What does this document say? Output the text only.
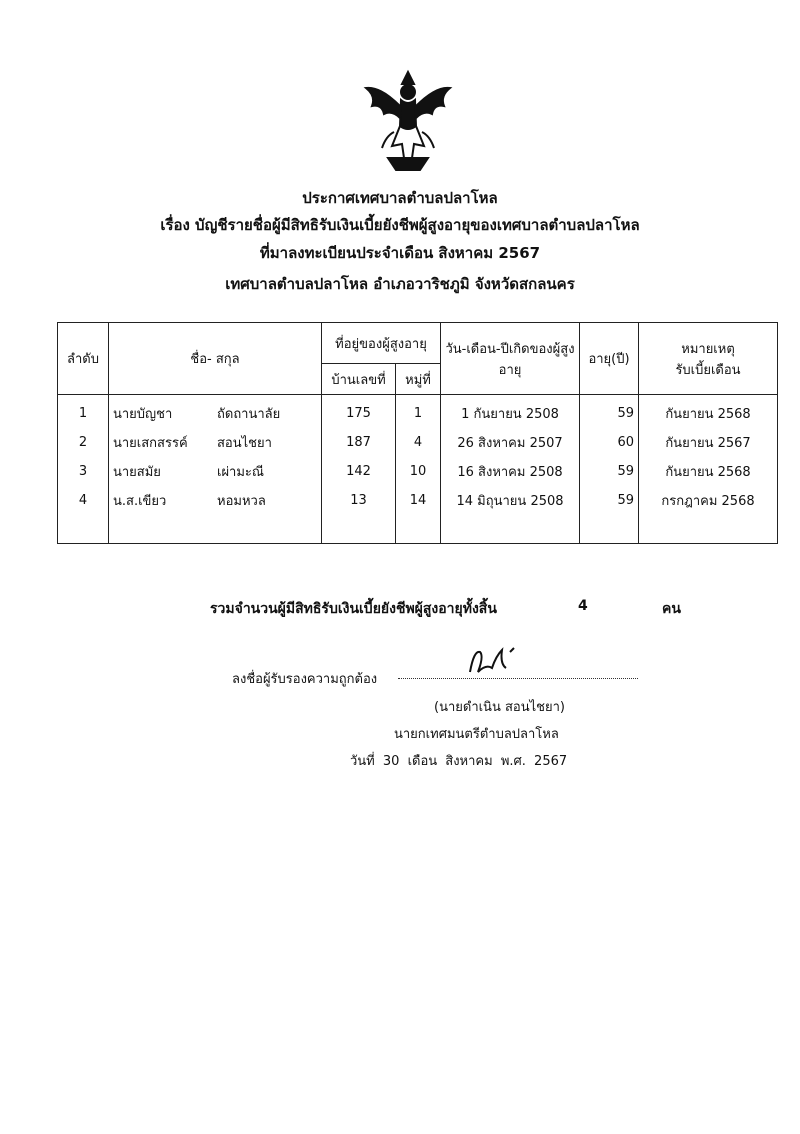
ประกาศเทศบาลตำบลปลาโหล
เรื่อง บัญชีรายชื่อผู้มีสิทธิรับเงินเบี้ยยังชีพผู้สูงอายุของเทศบาลตำบลปลาโหล
ที่มาลงทะเบียนประจำเดือน สิงหาคม 2567
เทศบาลตำบลปลาโหล อำเภอวาริชภูมิ จังหวัดสกลนคร
ลำดับ	ชื่อ- สกุล	ที่อยู่ของผู้สูงอายุ		วัน-เดือน-ปีเกิดของผู้สูงอายุ	อายุ(ปี)	หมายเหตุ
รับเบี้ยเดือน
		บ้านเลขที่	หมู่ที่			
1	นายบัญชา ถัดถานาลัย	175	1	1 กันยายน 2508	59	กันยายน 2568
2	นายเสกสรรค์ สอนไชยา	187	4	26 สิงหาคม 2507	60	กันยายน 2567
3	นายสมัย เผ่ามะณี	142	10	16 สิงหาคม 2508	59	กันยายน 2568
4	น.ส.เขียว หอมหวล	13	14	14 มิถุนายน 2508	59	กรกฎาคม 2568

รวมจำนวนผู้มีสิทธิรับเงินเบี้ยยังชีพผู้สูงอายุทั้งสิ้น	4	คน
ลงชื่อผู้รับรองความถูกต้อง
(นายดำเนิน สอนไชยา)
นายกเทศมนตรีตำบลปลาโหล
วันที่ 30 เดือน สิงหาคม พ.ศ. 2567
